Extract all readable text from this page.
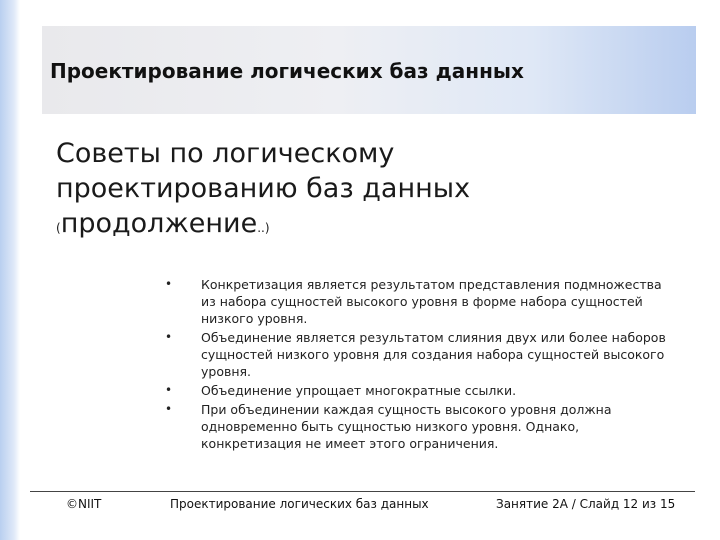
Проектирование логических баз данных
Советы по логическому
проектированию баз данных
(продолжение..)
• Конкретизация является результатом представления подмножества из набора сущностей высокого уровня в форме набора сущностей низкого уровня.
• Объединение является результатом слияния двух или более наборов сущностей низкого уровня для создания набора сущностей высокого уровня.
• Объединение упрощает многократные ссылки.
• При объединении каждая сущность высокого уровня должна одновременно быть сущностью низкого уровня. Однако, конкретизация не имеет этого ограничения.
©NIIT	Проектирование логических баз данных	Занятие 2A / Слайд 12 из 15
